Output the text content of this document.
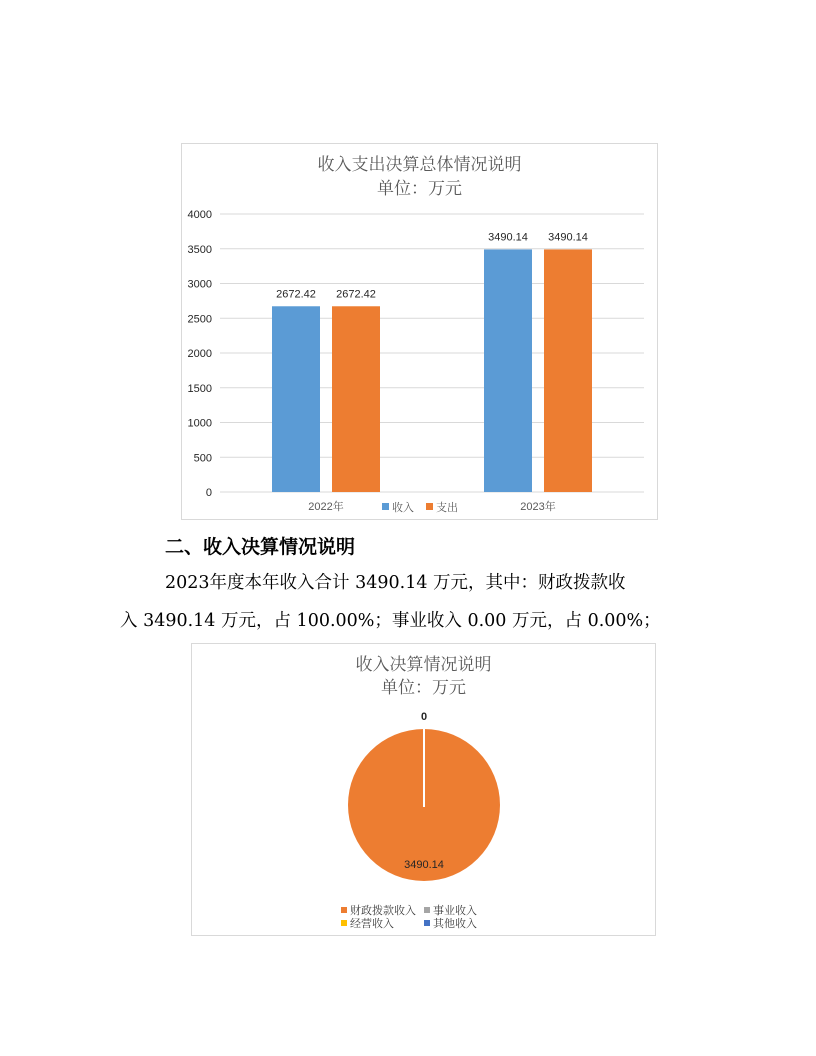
收入支出决算总体情况说明

单位：万元

0
500
1000
1500
2000
2500
3000
3500
4000
2672.42 2672.42
2022年
3490.14 3490.14
2023年
收入 支出
二、收入决算情况说明

2023年度本年收入合计 3490.14 万元，其中：财政拨款收

入 3490.14 万元，占 100.00%；事业收入 0.00 万元，占 0.00%；

收入决算情况说明

单位：万元

0
3490.14
财政拨款收入 事业收入
经营收入	其他收入
